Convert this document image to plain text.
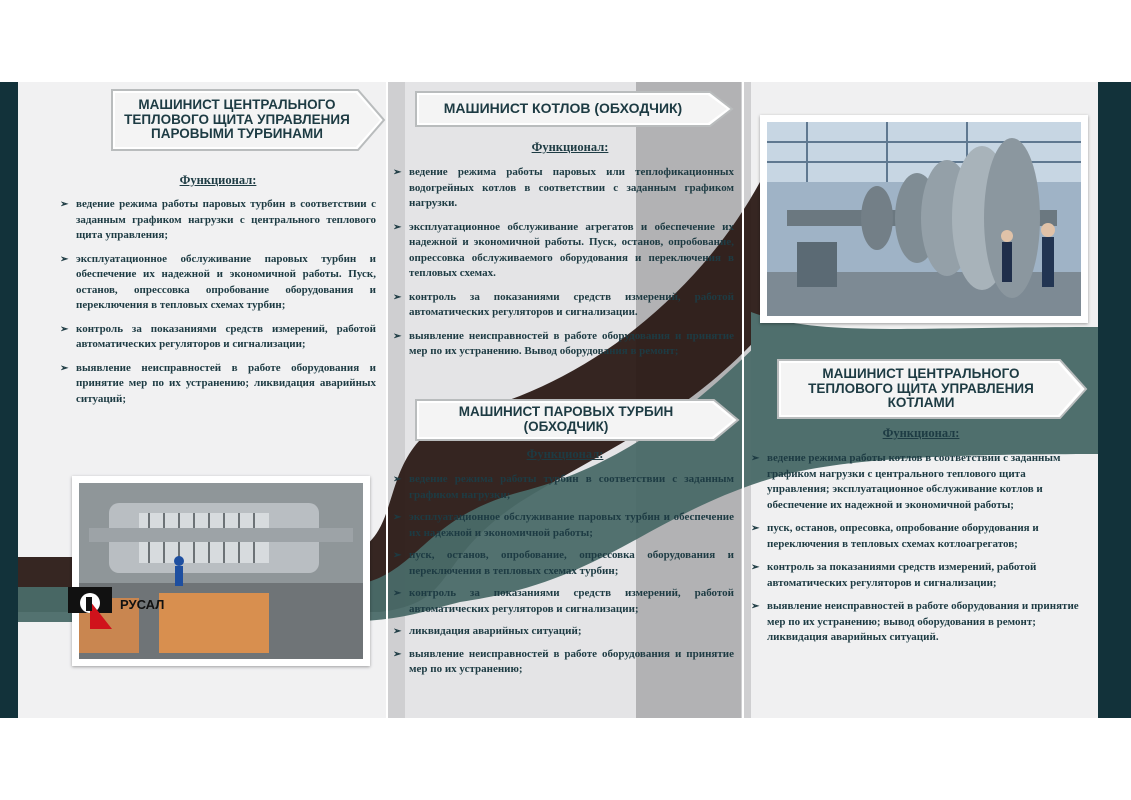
МАШИНИСТ ЦЕНТРАЛЬНОГО
ТЕПЛОВОГО ЩИТА УПРАВЛЕНИЯ
ПАРОВЫМИ ТУРБИНАМИ
Функционал:
➢ ведение режима работы паровых турбин в соответствии с заданным графиком нагрузки с центрального теплового щита управления;
➢ эксплуатационное обслуживание паровых турбин и обеспечение их надежной и экономичной работы. Пуск, останов, опрессовка опробование оборудования и переключения в тепловых схемах турбин;
➢ контроль за показаниями средств измерений, работой автоматических регуляторов и сигнализации;
➢ выявление неисправностей в работе оборудования и принятие мер по их устранению; ликвидация аварийных ситуаций;
РУСАЛ
МАШИНИСТ КОТЛОВ (ОБХОДЧИК)
Функционал:
➢ ведение режима работы паровых или теплофикационных водогрейных котлов в соответствии с заданным графиком нагрузки.
➢ эксплуатационное обслуживание агрегатов и обеспечение их надежной и экономичной работы. Пуск, останов, опробование, опрессовка обслуживаемого оборудования и переключения в тепловых схемах.
➢ контроль за показаниями средств измерений, работой автоматических регуляторов и сигнализации.
➢ выявление неисправностей в работе оборудования и принятие мер по их устранению. Вывод оборудования в ремонт;
МАШИНИСТ ПАРОВЫХ ТУРБИН
(ОБХОДЧИК)
Функционал:
➢ ведение режима работы турбин в соответствии с заданным графиком нагрузки;
➢ эксплуатационное обслуживание паровых турбин и обеспечение их надежной и экономичной работы;
➢ пуск, останов, опробование, опрессовка оборудования и переключения в тепловых схемах турбин;
➢ контроль за показаниями средств измерений, работой автоматических регуляторов и сигнализации;
➢ ликвидация аварийных ситуаций;
➢ выявление неисправностей в работе оборудования и принятие мер по их устранению;
МАШИНИСТ ЦЕНТРАЛЬНОГО
ТЕПЛОВОГО ЩИТА УПРАВЛЕНИЯ
КОТЛАМИ
Функционал:
➢ ведение режима работы котлов в соответствии с заданным графиком нагрузки с центрального теплового щита управления; эксплуатационное обслуживание котлов и обеспечение их надежной и экономичной работы;
➢ пуск, останов, опресовка, опробование оборудования и переключения в тепловых схемах котлоагрегатов;
➢ контроль за показаниями средств измерений, работой автоматических регуляторов и сигнализации;
➢ выявление неисправностей в работе оборудования и принятие мер по их устранению; вывод оборудования в ремонт; ликвидация аварийных ситуаций.
